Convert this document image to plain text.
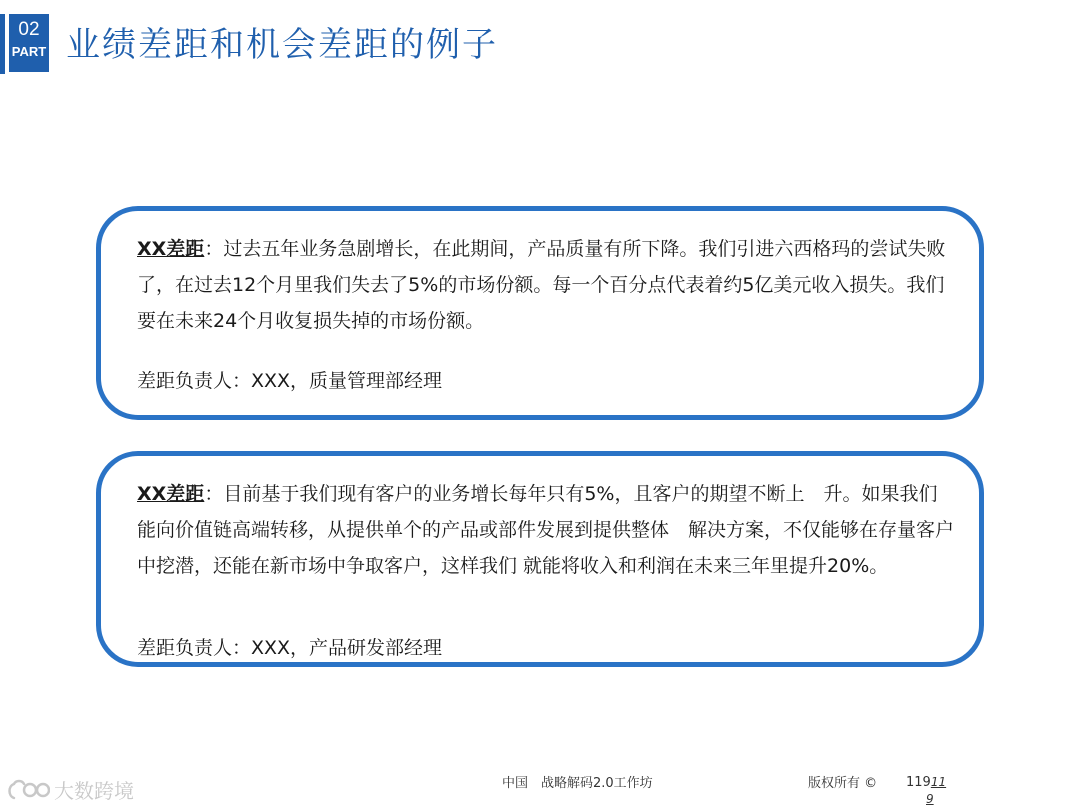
02
PART 业绩差距和机会差距的例子
XX差距：过去五年业务急剧增长，在此期间，产品质量有所下降。我们引进六西格玛的尝试失败了，在过去12个月里我们失去了5%的市场份额。每一个百分点代表着约5亿美元收入损失。我们要在未来24个月收复损失掉的市场份额。
差距负责人：XXX，质量管理部经理
XX差距：目前基于我们现有客户的业务增长每年只有5%，且客户的期望不断上　升。如果我们能向价值链高端转移，从提供单个的产品或部件发展到提供整体　解决方案，不仅能够在存量客户中挖潜，还能在新市场中争取客户，这样我们 就能将收入和利润在未来三年里提升20%。
差距负责人：XXX，产品研发部经理
中国　战略解码2.0工作坊	版权所有 © 11911
9
大数跨境
